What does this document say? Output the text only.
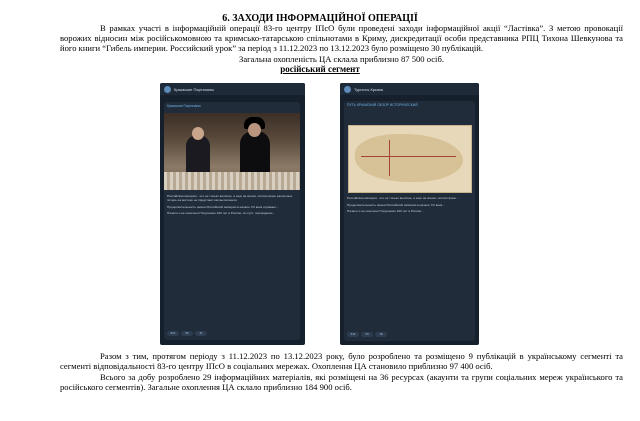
6. ЗАХОДИ ІНФОРМАЦІЙНОЇ ОПЕРАЦІЇ
В рамках участі в інформаційній операції 83-го центру ІПсО були проведені заходи інформаційної акції “Ластівка”. З метою провокації ворожих відносин між російськомовною та кримсько-татарською спільнотами в Криму, дискредитації особи представника РПЦ Тихона Шевкунова та його книги “Гибель империи. Российский урок” за період з 11.12.2023 по 13.12.2023 було розміщено 30 публікацій.
Загальна охопленість ЦА склала приблизно 87 500 осіб.
російський сегмент
Крымские Партизаны
Крымские Партизаны

Российская империя - это не только величие, а ещё на ясном, чётком фоне различных потерь на востоке не предстают как вытеснения.

Продолжительность жизни Российской империи в начале ХХ века отражает...

Начало и не окончено? Крушение 100 лет в России, по сути, порождение...

621	96	41
Туристы Крыма
ПУТЬ КРЫМСКИЙ ОБЗОР ИСТОРИЧЕСКИЙ

Российская империя - это не только величие, а ещё на ясном, чётком фоне...

Продолжительность жизни Российской империи в начале ХХ века...

Начало и не окончено? Крушение 100 лет в России...

312	54	18

Разом з тим, протягом періоду з 11.12.2023 по 13.12.2023 року, було розроблено та розміщено 9 публікацій в українському сегменті та сегменті відповідальності 83-го центру ІПсО в соціальних мережах. Охоплення ЦА становило приблизно 97 400 осіб.

Всього за добу розроблено 29 інформаційних матеріалів, які розміщені на 36 ресурсах (акаунти та групи соціальних мереж українського та російського сегментів). Загальне охоплення ЦА склало приблизно 184 900 осіб.
